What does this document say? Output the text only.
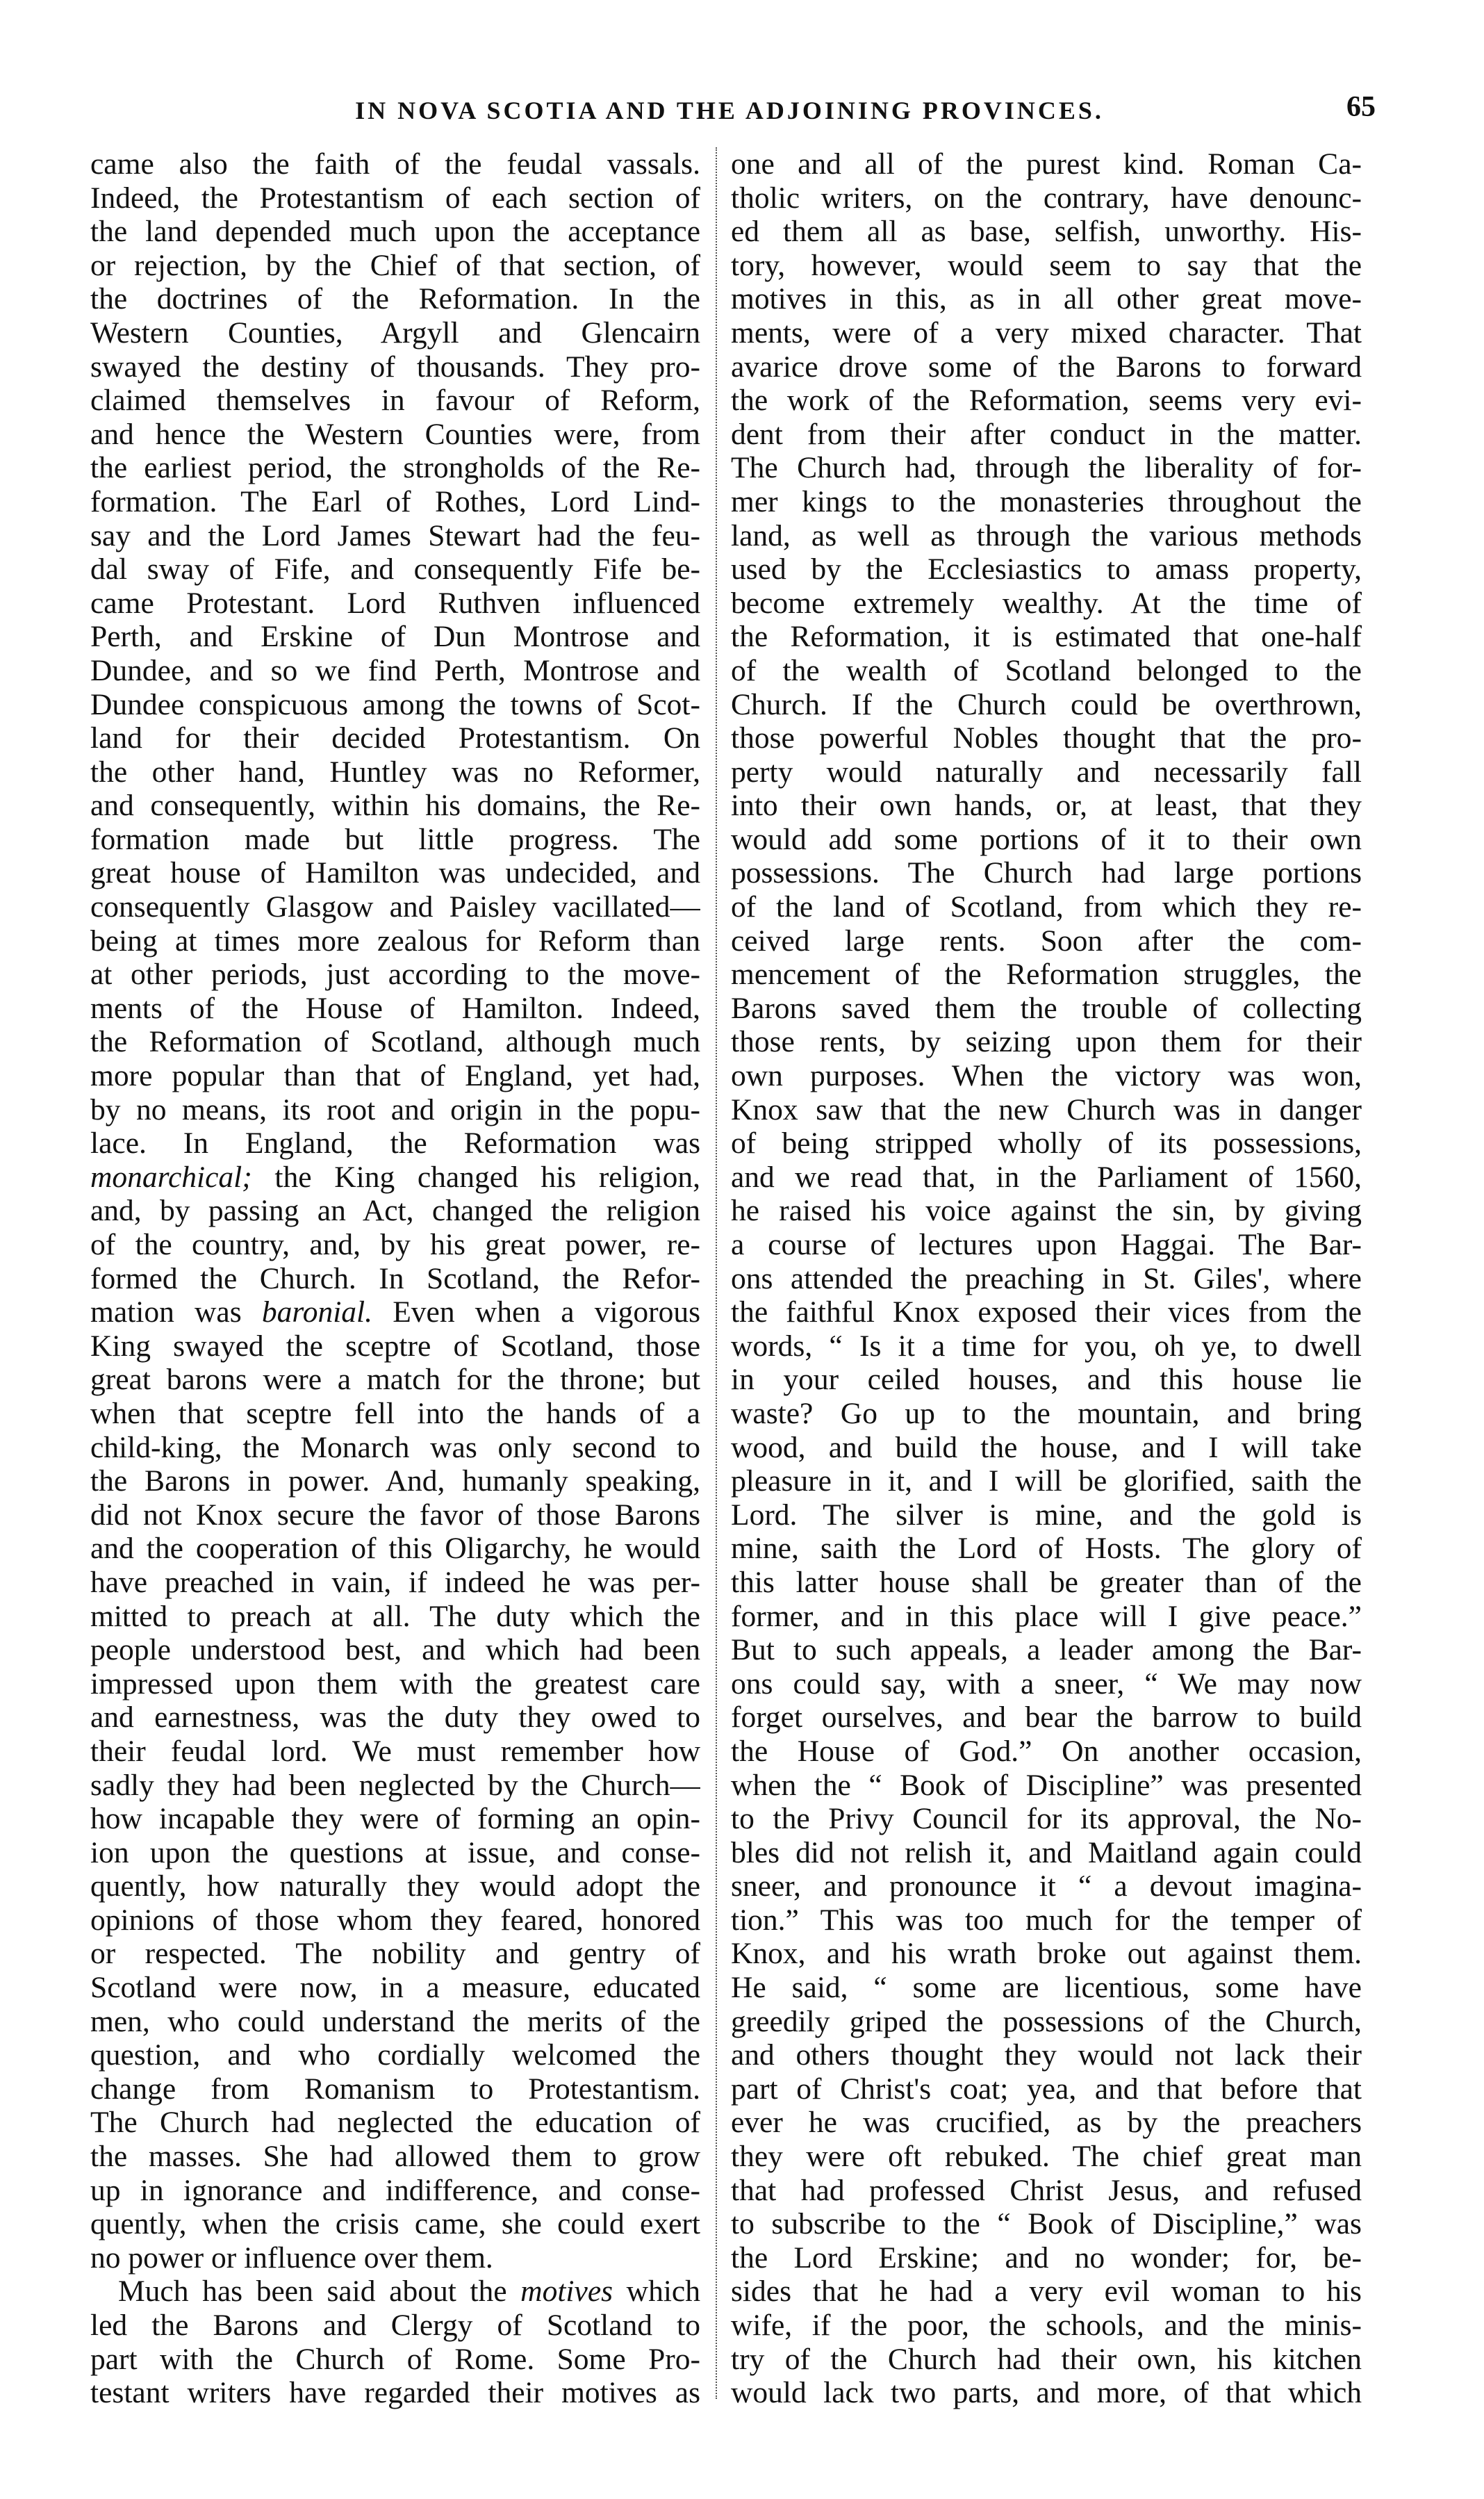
IN NOVA SCOTIA AND THE ADJOINING PROVINCES.	65
came also the faith of the feudal vassals.
Indeed, the Protestantism of each section of
the land depended much upon the acceptance
or rejection, by the Chief of that section, of
the doctrines of the Reformation. In the
Western Counties, Argyll and Glencairn
swayed the destiny of thousands. They pro-
claimed themselves in favour of Reform,
and hence the Western Counties were, from
the earliest period, the strongholds of the Re-
formation. The Earl of Rothes, Lord Lind-
say and the Lord James Stewart had the feu-
dal sway of Fife, and consequently Fife be-
came Protestant. Lord Ruthven influenced
Perth, and Erskine of Dun Montrose and
Dundee, and so we find Perth, Montrose and
Dundee conspicuous among the towns of Scot-
land for their decided Protestantism. On
the other hand, Huntley was no Reformer,
and consequently, within his domains, the Re-
formation made but little progress. The
great house of Hamilton was undecided, and
consequently Glasgow and Paisley vacillated—
being at times more zealous for Reform than
at other periods, just according to the move-
ments of the House of Hamilton. Indeed,
the Reformation of Scotland, although much
more popular than that of England, yet had,
by no means, its root and origin in the popu-
lace. In England, the Reformation was
monarchical; the King changed his religion,
and, by passing an Act, changed the religion
of the country, and, by his great power, re-
formed the Church. In Scotland, the Refor-
mation was baronial. Even when a vigorous
King swayed the sceptre of Scotland, those
great barons were a match for the throne; but
when that sceptre fell into the hands of a
child-king, the Monarch was only second to
the Barons in power. And, humanly speaking,
did not Knox secure the favor of those Barons
and the cooperation of this Oligarchy, he would
have preached in vain, if indeed he was per-
mitted to preach at all. The duty which the
people understood best, and which had been
impressed upon them with the greatest care
and earnestness, was the duty they owed to
their feudal lord. We must remember how
sadly they had been neglected by the Church—
how incapable they were of forming an opin-
ion upon the questions at issue, and conse-
quently, how naturally they would adopt the
opinions of those whom they feared, honored
or respected. The nobility and gentry of
Scotland were now, in a measure, educated
men, who could understand the merits of the
question, and who cordially welcomed the
change from Romanism to Protestantism.
The Church had neglected the education of
the masses. She had allowed them to grow
up in ignorance and indifference, and conse-
quently, when the crisis came, she could exert
no power or influence over them.
Much has been said about the motives which
led the Barons and Clergy of Scotland to
part with the Church of Rome. Some Pro-
testant writers have regarded their motives as
one and all of the purest kind. Roman Ca-
tholic writers, on the contrary, have denounc-
ed them all as base, selfish, unworthy. His-
tory, however, would seem to say that the
motives in this, as in all other great move-
ments, were of a very mixed character. That
avarice drove some of the Barons to forward
the work of the Reformation, seems very evi-
dent from their after conduct in the matter.
The Church had, through the liberality of for-
mer kings to the monasteries throughout the
land, as well as through the various methods
used by the Ecclesiastics to amass property,
become extremely wealthy. At the time of
the Reformation, it is estimated that one-half
of the wealth of Scotland belonged to the
Church. If the Church could be overthrown,
those powerful Nobles thought that the pro-
perty would naturally and necessarily fall
into their own hands, or, at least, that they
would add some portions of it to their own
possessions. The Church had large portions
of the land of Scotland, from which they re-
ceived large rents. Soon after the com-
mencement of the Reformation struggles, the
Barons saved them the trouble of collecting
those rents, by seizing upon them for their
own purposes. When the victory was won,
Knox saw that the new Church was in danger
of being stripped wholly of its possessions,
and we read that, in the Parliament of 1560,
he raised his voice against the sin, by giving
a course of lectures upon Haggai. The Bar-
ons attended the preaching in St. Giles', where
the faithful Knox exposed their vices from the
words, “ Is it a time for you, oh ye, to dwell
in your ceiled houses, and this house lie
waste? Go up to the mountain, and bring
wood, and build the house, and I will take
pleasure in it, and I will be glorified, saith the
Lord. The silver is mine, and the gold is
mine, saith the Lord of Hosts. The glory of
this latter house shall be greater than of the
former, and in this place will I give peace.”
But to such appeals, a leader among the Bar-
ons could say, with a sneer, “ We may now
forget ourselves, and bear the barrow to build
the House of God.” On another occasion,
when the “ Book of Discipline” was presented
to the Privy Council for its approval, the No-
bles did not relish it, and Maitland again could
sneer, and pronounce it “ a devout imagina-
tion.” This was too much for the temper of
Knox, and his wrath broke out against them.
He said, “ some are licentious, some have
greedily griped the possessions of the Church,
and others thought they would not lack their
part of Christ's coat; yea, and that before that
ever he was crucified, as by the preachers
they were oft rebuked. The chief great man
that had professed Christ Jesus, and refused
to subscribe to the “ Book of Discipline,” was
the Lord Erskine; and no wonder; for, be-
sides that he had a very evil woman to his
wife, if the poor, the schools, and the minis-
try of the Church had their own, his kitchen
would lack two parts, and more, of that which
